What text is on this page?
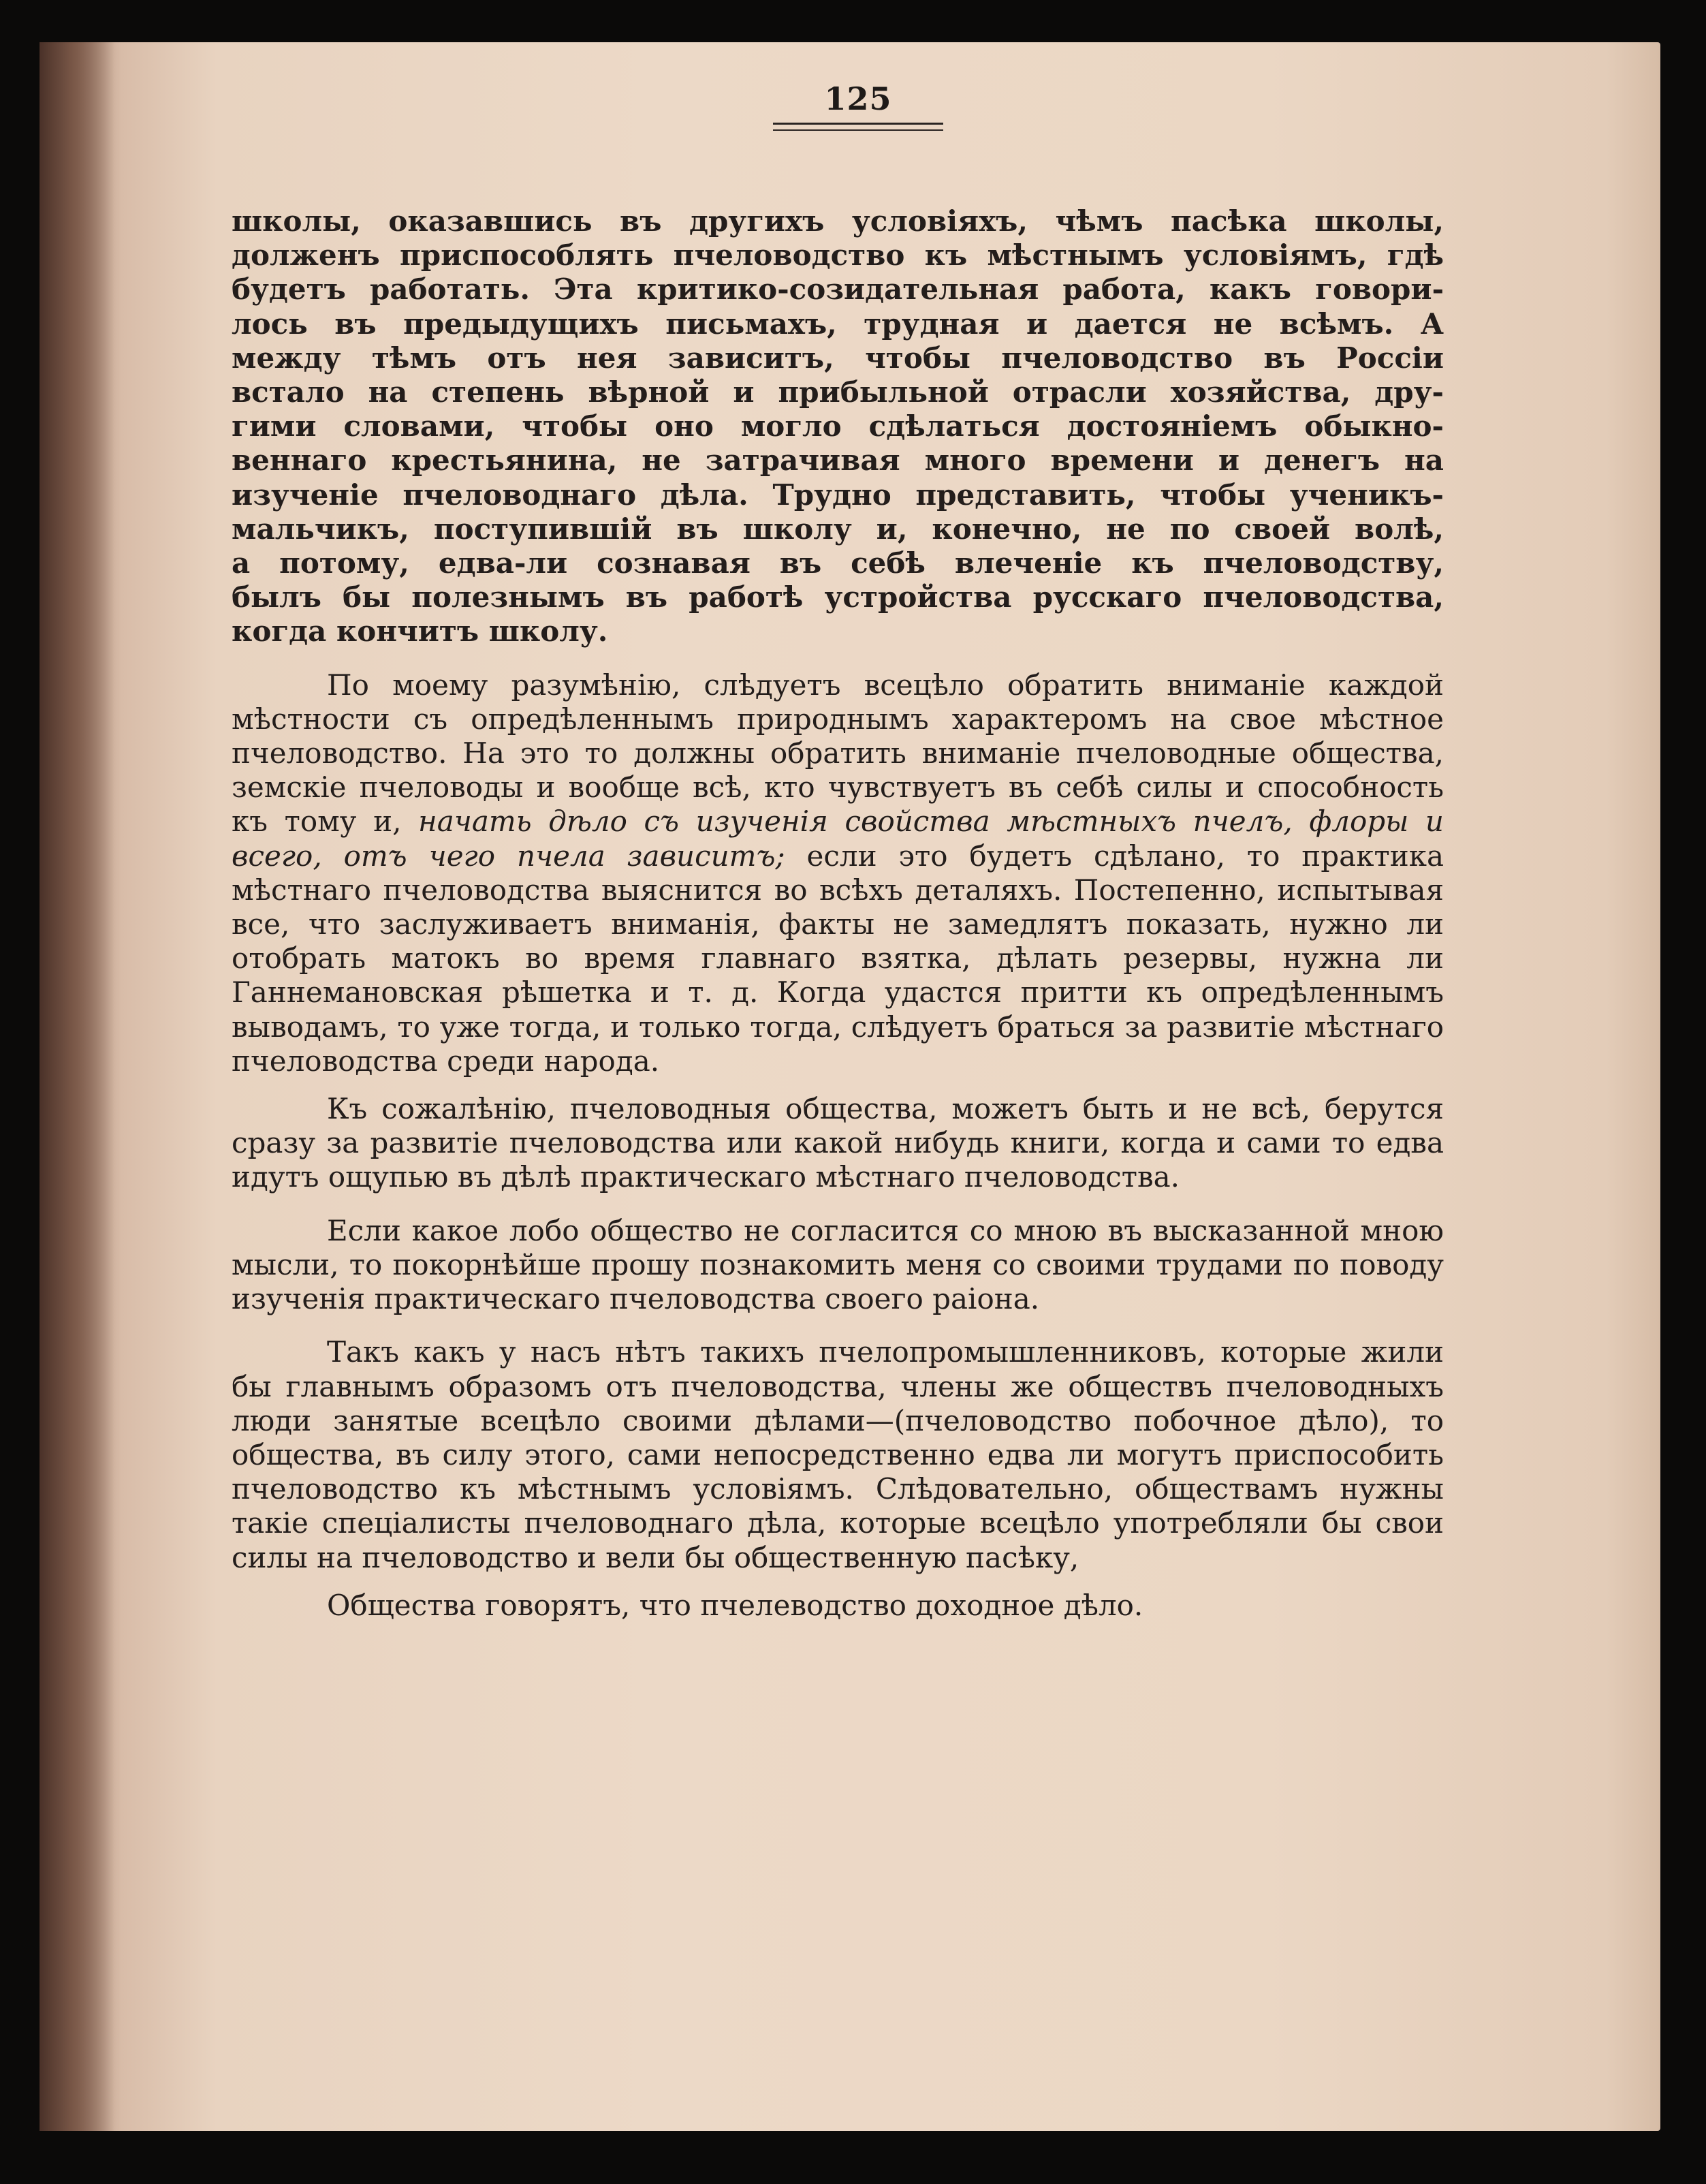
125

школы, оказавшись въ другихъ условіяхъ, чѣмъ пасѣка школы,
долженъ приспособлять пчеловодство къ мѣстнымъ условіямъ, гдѣ
будетъ работать. Эта критико-созидательная работа, какъ говори-
лось въ предыдущихъ письмахъ, трудная и дается не всѣмъ. А
между тѣмъ отъ нея зависитъ, чтобы пчеловодство въ Россіи
встало на степень вѣрной и прибыльной отрасли хозяйства, дру-
гими словами, чтобы оно могло сдѣлаться достояніемъ обыкно-
веннаго крестьянина, не затрачивая много времени и денегъ на
изученіе пчеловоднаго дѣла. Трудно представить, чтобы ученикъ-
мальчикъ, поступившій въ школу и, конечно, не по своей волѣ,
а потому, едва-ли сознавая въ себѣ влеченіе къ пчеловодству,
былъ бы полезнымъ въ работѣ устройства русскаго пчеловодства,
когда кончитъ школу.

По моему разумѣнію, слѣдуетъ всецѣло обратить вниманіе каждой мѣстности съ опредѣленнымъ природнымъ характеромъ на свое мѣстное пчеловодство. На это то должны обратить вниманіе пчеловодные общества, земскіе пчеловоды и вообще всѣ, кто чувствуетъ въ себѣ силы и способность къ тому и, начать дѣло съ изученія свойства мѣстныхъ пчелъ, флоры и всего, отъ чего пчела зависитъ; если это будетъ сдѣлано, то практика мѣстнаго пчеловодства выяснится во всѣхъ деталяхъ. Постепенно, испытывая все, что заслуживаетъ вниманія, факты не замедлятъ показать, нужно ли отобрать матокъ во время главнаго взятка, дѣлать резервы, нужна ли Ганнемановская рѣшетка и т. д. Когда удастся притти къ опредѣленнымъ выводамъ, то уже тогда, и только тогда, слѣдуетъ браться за развитіе мѣстнаго пчеловодства среди народа.

Къ сожалѣнію, пчеловодныя общества, можетъ быть и не всѣ, берутся сразу за развитіе пчеловодства или какой нибудь книги, когда и сами то едва идутъ ощупью въ дѣлѣ практическаго мѣстнаго пчеловодства.

Если какое лобо общество не согласится со мною въ высказанной мною мысли, то покорнѣйше прошу познакомить меня со своими трудами по поводу изученія практическаго пчеловодства своего раіона.

Такъ какъ у насъ нѣтъ такихъ пчелопромышленниковъ, которые жили бы главнымъ образомъ отъ пчеловодства, члены же обществъ пчеловодныхъ люди занятые всецѣло своими дѣлами—(пчеловодство побочное дѣло), то общества, въ силу этого, сами непосредственно едва ли могутъ приспособить пчеловодство къ мѣстнымъ условіямъ. Слѣдовательно, обществамъ нужны такіе спеціалисты пчеловоднаго дѣла, которые всецѣло употребляли бы свои силы на пчеловодство и вели бы общественную пасѣку,

Общества говорятъ, что пчелеводство доходное дѣло.
